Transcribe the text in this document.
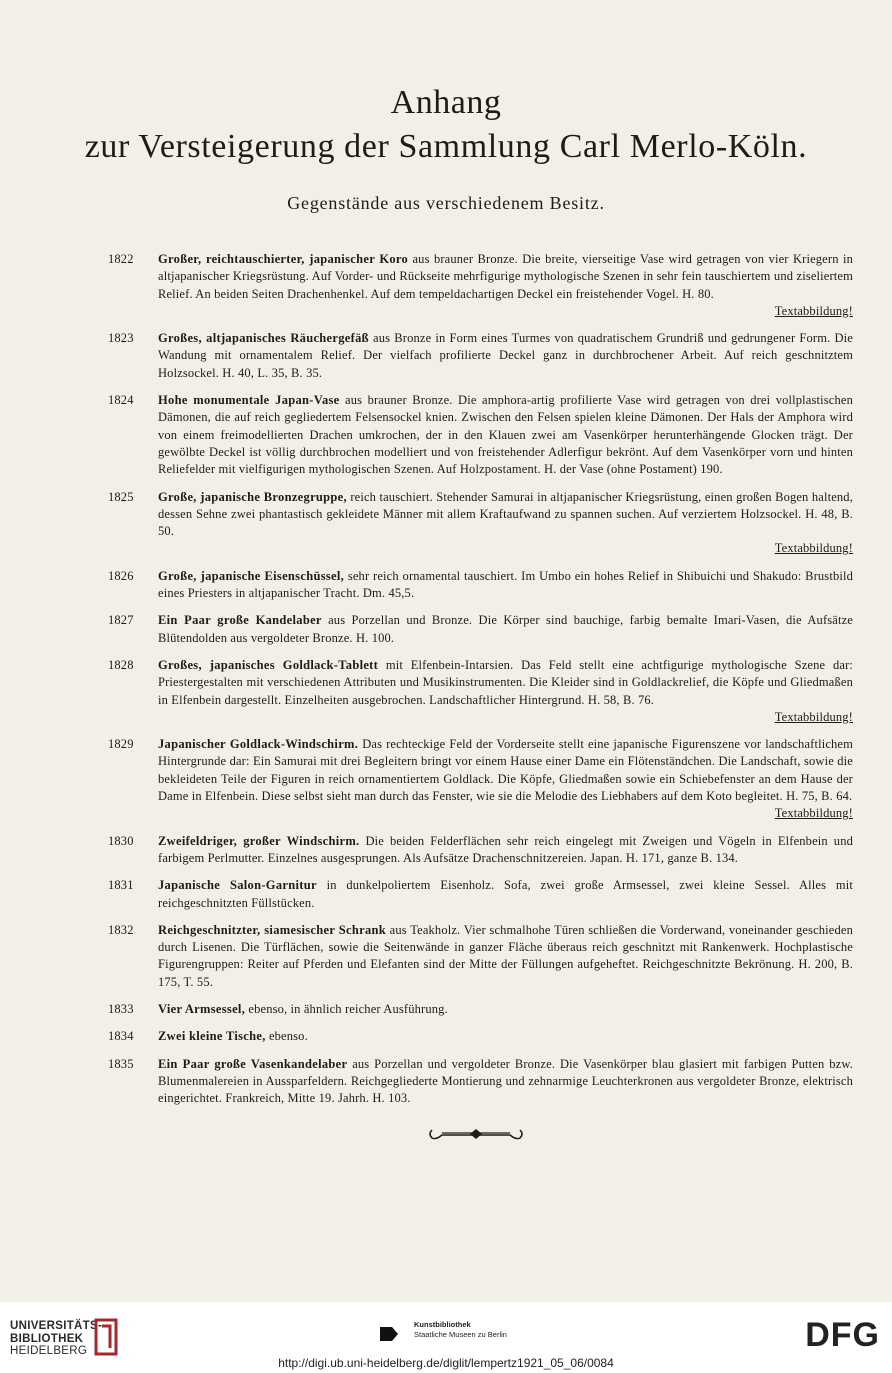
Anhang
zur Versteigerung der Sammlung Carl Merlo-Köln.
Gegenstände aus verschiedenem Besitz.
1822 Großer, reichtauschierter, japanischer Koro aus brauner Bronze. Die breite, vierseitige Vase wird getragen von vier Kriegern in altjapanischer Kriegsrüstung. Auf Vorder- und Rückseite mehrfigurige mythologische Szenen in sehr fein tauschiertem und ziseliertem Relief. An beiden Seiten Drachenhenkel. Auf dem tempeldachartigen Deckel ein freistehender Vogel. H. 80.
Textabbildung!
1823 Großes, altjapanisches Räuchergefäß aus Bronze in Form eines Turmes von quadratischem Grundriß und gedrungener Form. Die Wandung mit ornamentalem Relief. Der vielfach profilierte Deckel ganz in durchbrochener Arbeit. Auf reich geschnitztem Holzsockel. H. 40, L. 35, B. 35.
1824 Hohe monumentale Japan-Vase aus brauner Bronze. Die amphora-artig profilierte Vase wird getragen von drei vollplastischen Dämonen, die auf reich gegliedertem Felsensockel knien. Zwischen den Felsen spielen kleine Dämonen. Der Hals der Amphora wird von einem freimodellierten Drachen umkrochen, der in den Klauen zwei am Vasenkörper herunterhängende Glocken trägt. Der gewölbte Deckel ist völlig durchbrochen modelliert und von freistehender Adlerfigur bekrönt. Auf dem Vasenkörper vorn und hinten Reliefelder mit vielfigurigen mythologischen Szenen. Auf Holzpostament. H. der Vase (ohne Postament) 190.
1825 Große, japanische Bronzegruppe, reich tauschiert. Stehender Samurai in altjapanischer Kriegsrüstung, einen großen Bogen haltend, dessen Sehne zwei phantastisch gekleidete Männer mit allem Kraftaufwand zu spannen suchen. Auf verziertem Holzsockel. H. 48, B. 50.
Textabbildung!
1826 Große, japanische Eisenschüssel, sehr reich ornamental tauschiert. Im Umbo ein hohes Relief in Shibuichi und Shakudo: Brustbild eines Priesters in altjapanischer Tracht. Dm. 45,5.
1827 Ein Paar große Kandelaber aus Porzellan und Bronze. Die Körper sind bauchige, farbig bemalte Imari-Vasen, die Aufsätze Blütendolden aus vergoldeter Bronze. H. 100.
1828 Großes, japanisches Goldlack-Tablett mit Elfenbein-Intarsien. Das Feld stellt eine achtfigurige mythologische Szene dar: Priestergestalten mit verschiedenen Attributen und Musikinstrumenten. Die Kleider sind in Goldlackrelief, die Köpfe und Gliedmaßen in Elfenbein dargestellt. Einzelheiten ausgebrochen. Landschaftlicher Hintergrund. H. 58, B. 76.
Textabbildung!
1829 Japanischer Goldlack-Windschirm. Das rechteckige Feld der Vorderseite stellt eine japanische Figurenszene vor landschaftlichem Hintergrunde dar: Ein Samurai mit drei Begleitern bringt vor einem Hause einer Dame ein Flötenständchen. Die Landschaft, sowie die bekleideten Teile der Figuren in reich ornamentiertem Goldlack. Die Köpfe, Gliedmaßen sowie ein Schiebefenster an dem Hause der Dame in Elfenbein. Diese selbst sieht man durch das Fenster, wie sie die Melodie des Liebhabers auf dem Koto begleitet. H. 75, B. 64.
Textabbildung!
1830 Zweifeldriger, großer Windschirm. Die beiden Felderflächen sehr reich eingelegt mit Zweigen und Vögeln in Elfenbein und farbigem Perlmutter. Einzelnes ausgesprungen. Als Aufsätze Drachenschnitzereien. Japan. H. 171, ganze B. 134.
1831 Japanische Salon-Garnitur in dunkelpoliertem Eisenholz. Sofa, zwei große Armsessel, zwei kleine Sessel. Alles mit reichgeschnitzten Füllstücken.
1832 Reichgeschnitzter, siamesischer Schrank aus Teakholz. Vier schmalhohe Türen schließen die Vorderwand, voneinander geschieden durch Lisenen. Die Türflächen, sowie die Seitenwände in ganzer Fläche überaus reich geschnitzt mit Rankenwerk. Hochplastische Figurengruppen: Reiter auf Pferden und Elefanten sind der Mitte der Füllungen aufgeheftet. Reichgeschnitzte Bekrönung. H. 200, B. 175, T. 55.
1833 Vier Armsessel, ebenso, in ähnlich reicher Ausführung.
1834 Zwei kleine Tische, ebenso.
1835 Ein Paar große Vasenkandelaber aus Porzellan und vergoldeter Bronze. Die Vasenkörper blau glasiert mit farbigen Putten bzw. Blumenmalereien in Aussparfeldern. Reichgegliederte Montierung und zehnarmige Leuchterkronen aus vergoldeter Bronze, elektrisch eingerichtet. Frankreich, Mitte 19. Jahrh. H. 103.
UNIVERSITÄTS-
BIBLIOTHEK
HEIDELBERG
Kunstbibliothek
Staatliche Museen zu Berlin	DFG
http://digi.ub.uni-heidelberg.de/diglit/lempertz1921_05_06/0084
